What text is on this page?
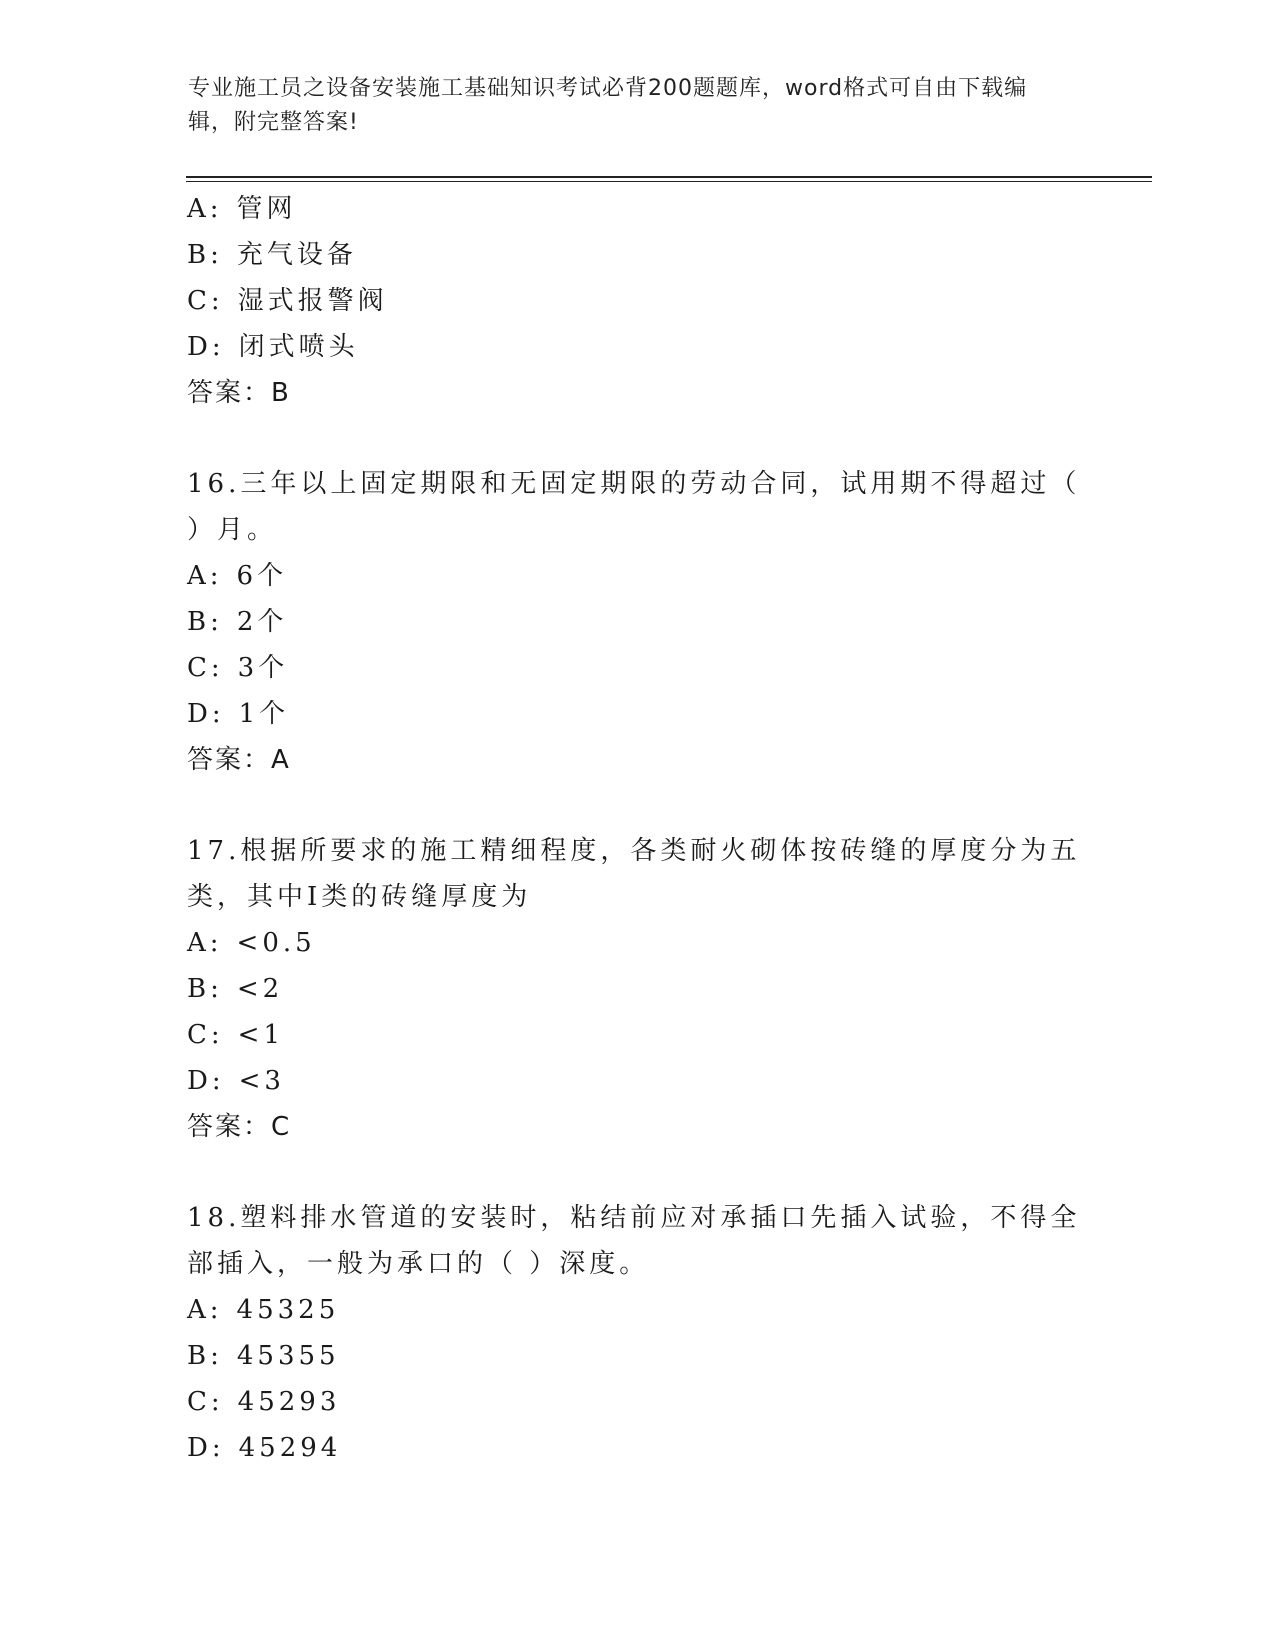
专业施工员之设备安装施工基础知识考试必背200题题库，word格式可自由下载编辑，附完整答案!
A: 管网
B: 充气设备
C: 湿式报警阀
D: 闭式喷头
答案：B
16.三年以上固定期限和无固定期限的劳动合同，试用期不得超过（ ）月。
A: 6个
B: 2个
C: 3个
D: 1个
答案：A
17.根据所要求的施工精细程度，各类耐火砌体按砖缝的厚度分为五类，其中I类的砖缝厚度为
A: <0.5
B: <2
C: <1
D: <3
答案：C
18.塑料排水管道的安装时，粘结前应对承插口先插入试验，不得全部插入，一般为承口的（ ）深度。
A: 45325
B: 45355
C: 45293
D: 45294
